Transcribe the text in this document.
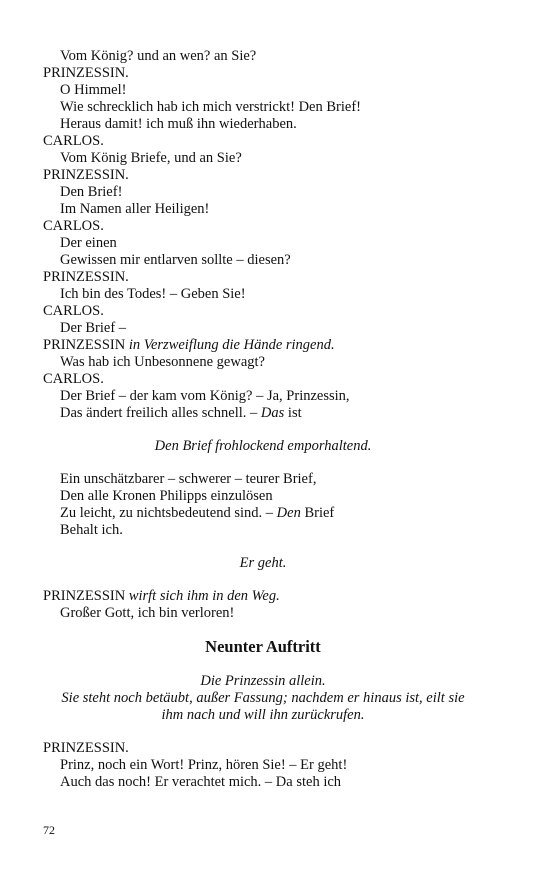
Vom König? und an wen? an Sie?
PRINZESSIN.
O Himmel!
Wie schrecklich hab ich mich verstrickt! Den Brief!
Heraus damit! ich muß ihn wiederhaben.
CARLOS.
Vom König Briefe, und an Sie?
PRINZESSIN.
Den Brief!
Im Namen aller Heiligen!
CARLOS.
Der einen
Gewissen mir entlarven sollte – diesen?
PRINZESSIN.
Ich bin des Todes! – Geben Sie!
CARLOS.
Der Brief –
PRINZESSIN in Verzweiflung die Hände ringend.
Was hab ich Unbesonnene gewagt?
CARLOS.
Der Brief – der kam vom König? – Ja, Prinzessin,
Das ändert freilich alles schnell. – Das ist
Den Brief frohlockend emporhaltend.
Ein unschätzbarer – schwerer – teurer Brief,
Den alle Kronen Philipps einzulösen
Zu leicht, zu nichtsbedeutend sind. – Den Brief
Behalt ich.
Er geht.
PRINZESSIN wirft sich ihm in den Weg.
Großer Gott, ich bin verloren!
Neunter Auftritt
Die Prinzessin allein.
Sie steht noch betäubt, außer Fassung; nachdem er hinaus ist, eilt sie
ihm nach und will ihn zurückrufen.
PRINZESSIN.
Prinz, noch ein Wort! Prinz, hören Sie! – Er geht!
Auch das noch! Er verachtet mich. – Da steh ich
72
